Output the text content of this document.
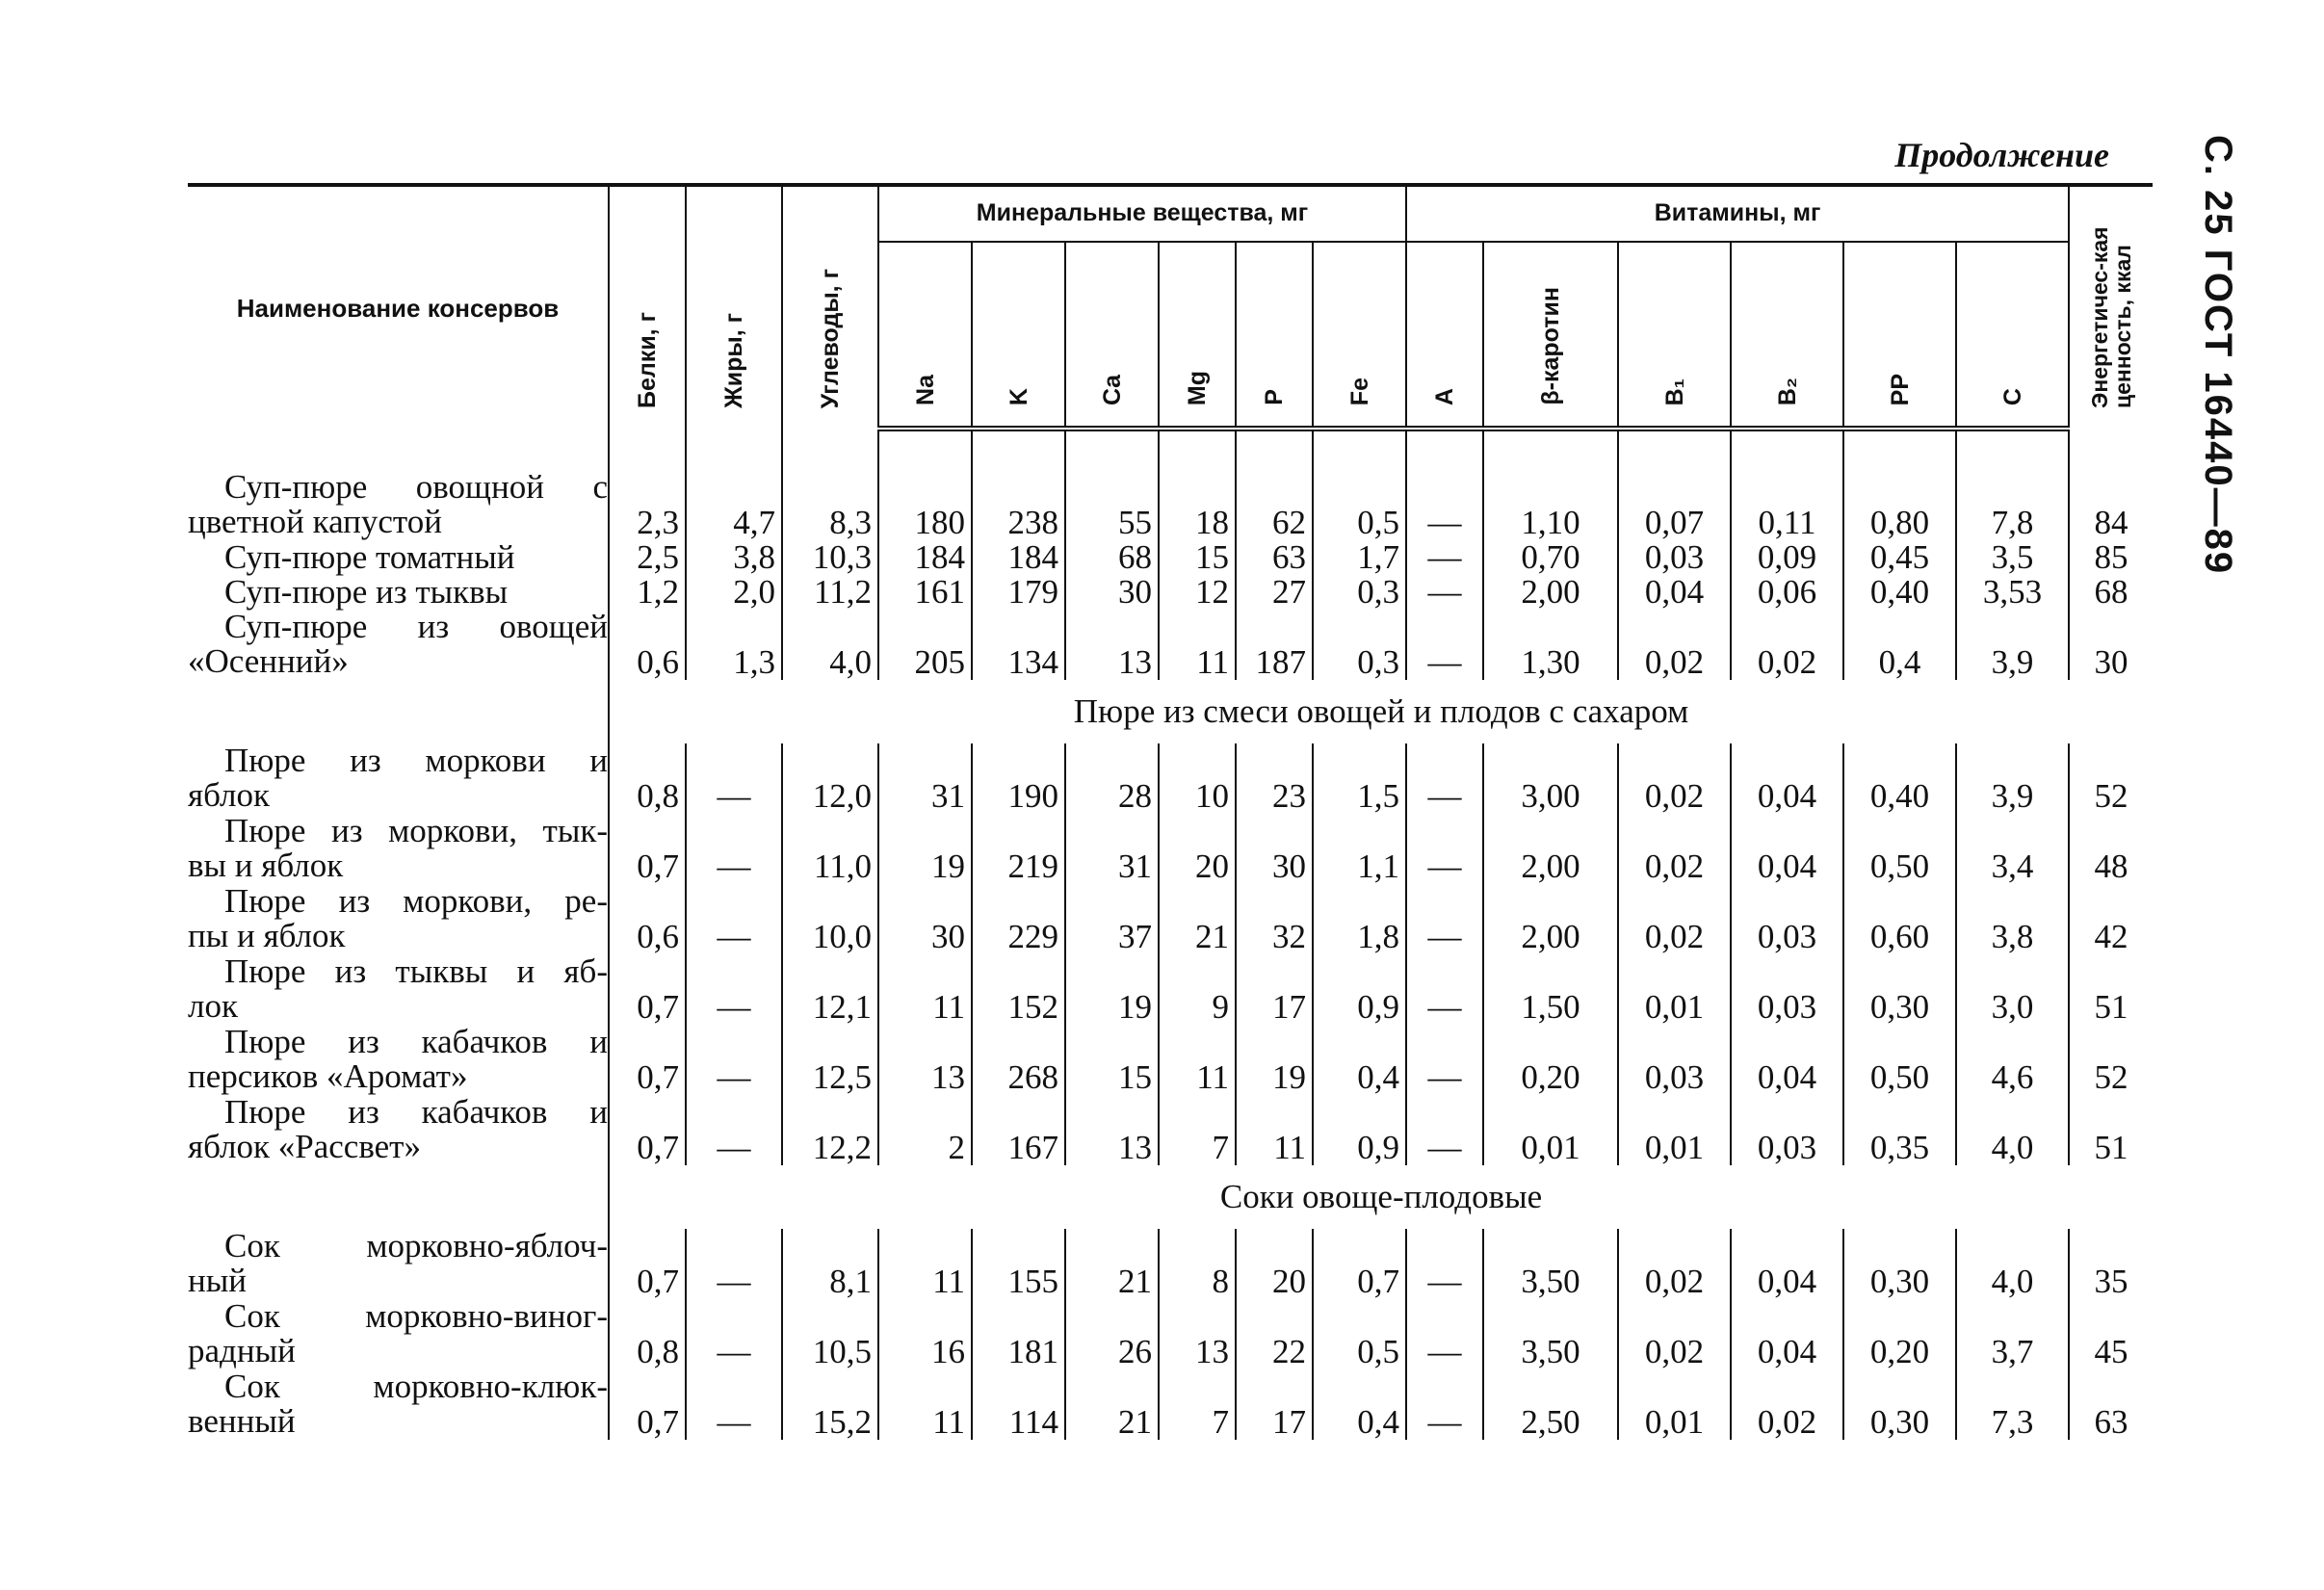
Продолжение С. 25 ГОСТ 16440—89
Наименование консервов	Белки, г	Жиры, г	Углеводы, г	Минеральные вещества, мг						Витамины, мг						Энергетичес-кая ценность, ккал
				Na	K	Ca	Mg	P	Fe	A	β-каротин	B₁	B₂	PP	C	

Суп-пюре овощной с
цветной капустой	2,3	4,7	8,3	180	238	55	18	62	0,5	—	1,10	0,07	0,11	0,80	7,8	84

Суп-пюре томатный	2,5	3,8	10,3	184	184	68	15	63	1,7	—	0,70	0,03	0,09	0,45	3,5	85

Суп-пюре из тыквы	1,2	2,0	11,2	161	179	30	12	27	0,3	—	2,00	0,04	0,06	0,40	3,53	68

Суп-пюре из овощей
«Осенний»	0,6	1,3	4,0	205	134	13	11	187	0,3	—	1,30	0,02	0,02	0,4	3,9	30
	Пюре из смеси овощей и плодов с сахаром															

Пюре из моркови и
яблок	0,8	—	12,0	31	190	28	10	23	1,5	—	3,00	0,02	0,04	0,40	3,9	52

Пюре из моркови, тык-
вы и яблок	0,7	—	11,0	19	219	31	20	30	1,1	—	2,00	0,02	0,04	0,50	3,4	48

Пюре из моркови, ре-
пы и яблок	0,6	—	10,0	30	229	37	21	32	1,8	—	2,00	0,02	0,03	0,60	3,8	42

Пюре из тыквы и яб-
лок	0,7	—	12,1	11	152	19	9	17	0,9	—	1,50	0,01	0,03	0,30	3,0	51

Пюре из кабачков и
персиков «Аромат»	0,7	—	12,5	13	268	15	11	19	0,4	—	0,20	0,03	0,04	0,50	4,6	52

Пюре из кабачков и
яблок «Рассвет»	0,7	—	12,2	2	167	13	7	11	0,9	—	0,01	0,01	0,03	0,35	4,0	51
	Соки овоще-плодовые															

Сок морковно-яблоч-
ный	0,7	—	8,1	11	155	21	8	20	0,7	—	3,50	0,02	0,04	0,30	4,0	35

Сок морковно-виног-
радный	0,8	—	10,5	16	181	26	13	22	0,5	—	3,50	0,02	0,04	0,20	3,7	45

Сок морковно-клюк-
венный	0,7	—	15,2	11	114	21	7	17	0,4	—	2,50	0,01	0,02	0,30	7,3	63
